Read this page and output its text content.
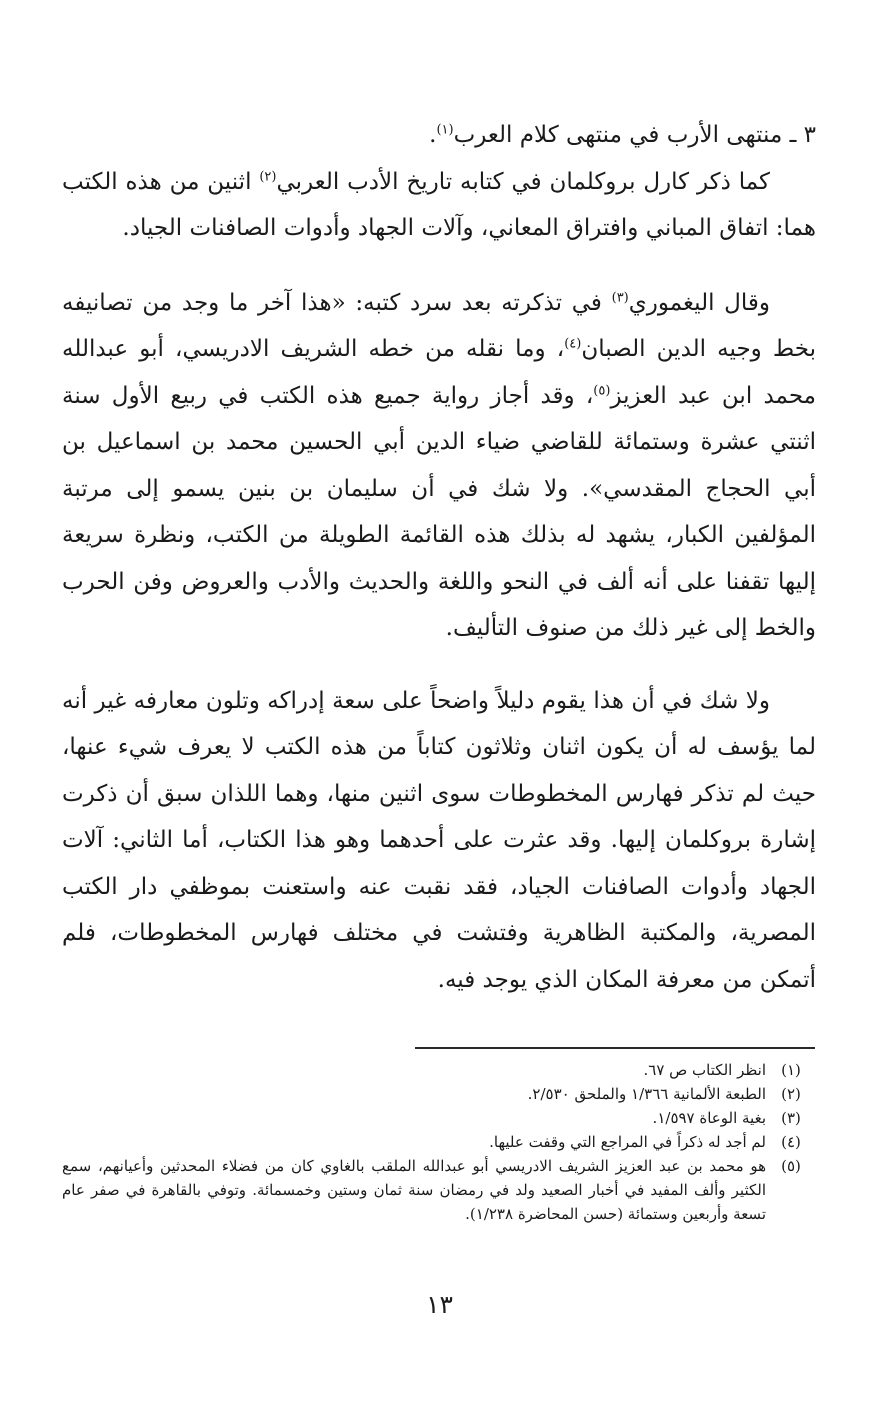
٣ ـ منتهى الأرب في منتهى كلام العرب$^{(١)}$.

  كما ذكر كارل بروكلمان في كتابه تاريخ الأدب العربي$^{(٢)}$ اثنين من هذه الكتب هما: اتفاق المباني وافتراق المعاني، وآلات الجهاد وأدوات الصافنات الجياد.

  وقال اليغموري$^{(٣)}$ في تذكرته بعد سرد كتبه: «هذا آخر ما وجد من تصانيفه بخط وجيه الدين الصبان$^{(٤)}$، وما نقله من خطه الشريف الادريسي، أبو عبدالله محمد ابن عبد العزيز$^{(٥)}$، وقد أجاز رواية جميع هذه الكتب في ربيع الأول سنة اثنتي عشرة وستمائة للقاضي ضياء الدين أبي الحسين محمد بن اسماعيل بن أبي الحجاج المقدسي». ولا شك في أن سليمان بن بنين يسمو إلى مرتبة المؤلفين الكبار، يشهد له بذلك هذه القائمة الطويلة من الكتب، ونظرة سريعة إليها تقفنا على أنه ألف في النحو واللغة والحديث والأدب والعروض وفن الحرب والخط إلى غير ذلك من صنوف التأليف.

  ولا شك في أن هذا يقوم دليلاً واضحاً على سعة إدراكه وتلون معارفه غير أنه لما يؤسف له أن يكون اثنان وثلاثون كتاباً من هذه الكتب لا يعرف شيء عنها، حيث لم تذكر فهارس المخطوطات سوى اثنين منها، وهما اللذان سبق أن ذكرت إشارة بروكلمان إليها. وقد عثرت على أحدهما وهو هذا الكتاب، أما الثاني: آلات الجهاد وأدوات الصافنات الجياد، فقد نقبت عنه واستعنت بموظفي دار الكتب المصرية، والمكتبة الظاهرية وفتشت في مختلف فهارس المخطوطات، فلم أتمكن من معرفة المكان الذي يوجد فيه.

(١)
انظر الكتاب ص ٦٧.
(٢)
الطبعة الألمانية ١/٣٦٦ والملحق ٢/٥٣٠.
(٣)
بغية الوعاة ١/٥٩٧.
(٤)
لم أجد له ذكراً في المراجع التي وقفت عليها.
(٥)
هو محمد بن عبد العزيز الشريف الادريسي أبو عبدالله الملقب بالغاوي كان من فضلاء المحدثين وأعيانهم، سمع الكثير وألف المفيد في أخبار الصعيد ولد في رمضان سنة ثمان وستين وخمسمائة. وتوفي بالقاهرة في صفر عام تسعة وأربعين وستمائة (حسن المحاضرة ١/٢٣٨).
١٣
